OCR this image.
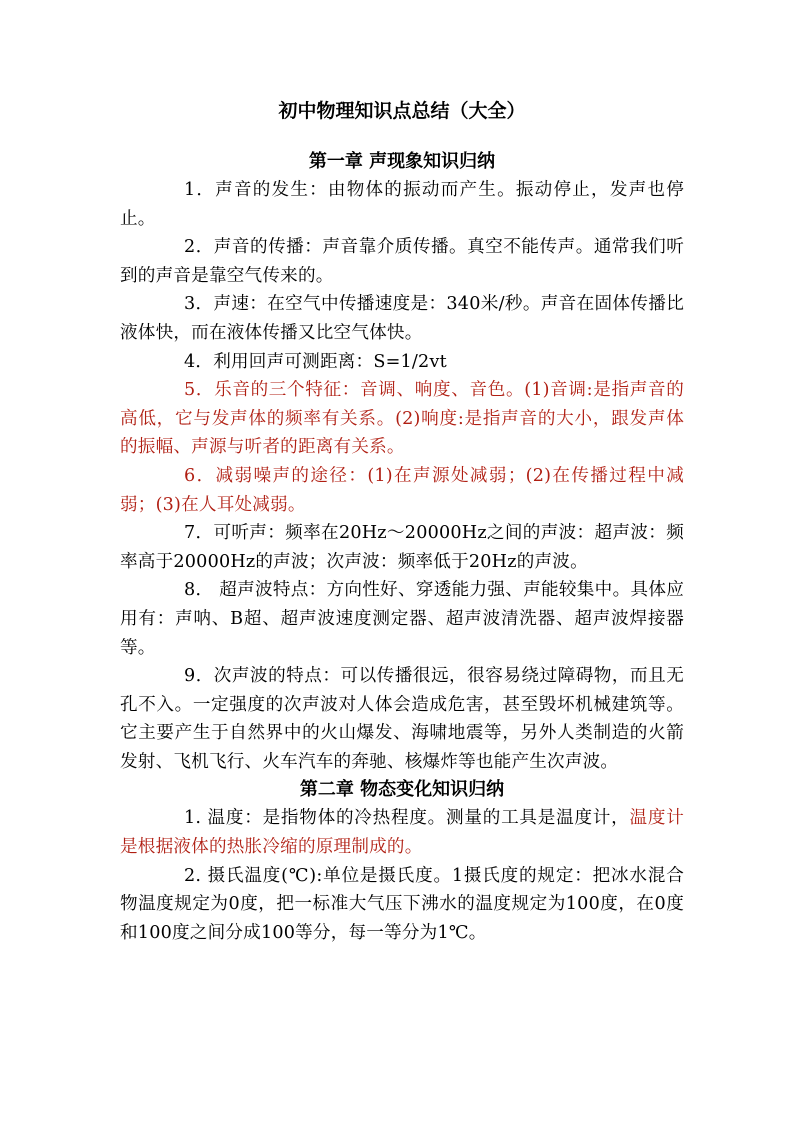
初中物理知识点总结（大全）
第一章 声现象知识归纳

1．声音的发生：由物体的振动而产生。振动停止，发声也停止。

2．声音的传播：声音靠介质传播。真空不能传声。通常我们听到的声音是靠空气传来的。

3．声速：在空气中传播速度是：340米/秒。声音在固体传播比液体快，而在液体传播又比空气体快。

4．利用回声可测距离：S=1/2vt

5．乐音的三个特征：音调、响度、音色。(1)音调:是指声音的高低，它与发声体的频率有关系。(2)响度:是指声音的大小，跟发声体的振幅、声源与听者的距离有关系。

6．减弱噪声的途径：(1)在声源处减弱；(2)在传播过程中减弱；(3)在人耳处减弱。

7．可听声：频率在20Hz～20000Hz之间的声波：超声波：频率高于20000Hz的声波；次声波：频率低于20Hz的声波。

8． 超声波特点：方向性好、穿透能力强、声能较集中。具体应用有：声呐、B超、超声波速度测定器、超声波清洗器、超声波焊接器等。

9．次声波的特点：可以传播很远，很容易绕过障碍物，而且无孔不入。一定强度的次声波对人体会造成危害，甚至毁坏机械建筑等。它主要产生于自然界中的火山爆发、海啸地震等，另外人类制造的火箭发射、飞机飞行、火车汽车的奔驰、核爆炸等也能产生次声波。

第二章 物态变化知识归纳

1. 温度：是指物体的冷热程度。测量的工具是温度计，温度计是根据液体的热胀冷缩的原理制成的。

2. 摄氏温度(℃):单位是摄氏度。1摄氏度的规定：把冰水混合物温度规定为0度，把一标准大气压下沸水的温度规定为100度，在0度和100度之间分成100等分，每一等分为1℃。
